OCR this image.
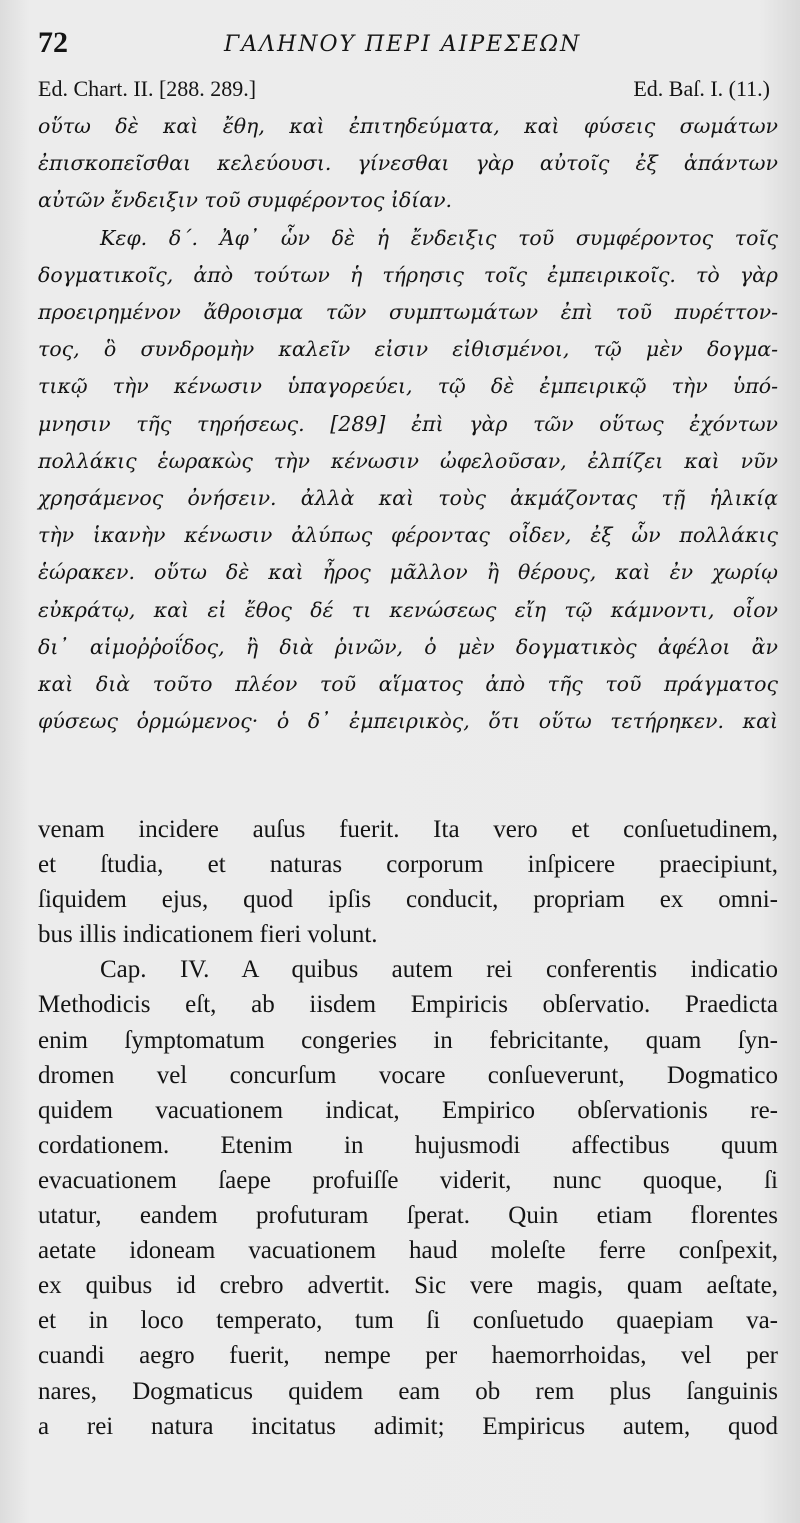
72	ΓΑΛΗΝΟΥ ΠΕΡΙ ΑΙΡΕΣΕΩΝ
Ed. Chart. II. [288. 289.]	Ed. Baſ. I. (11.)
οὕτω δὲ καὶ ἔθη, καὶ ἐπιτηδεύματα, καὶ φύσεις σωμάτων
ἐπισκοπεῖσθαι κελεύουσι. γίνεσθαι γὰρ αὐτοῖς ἐξ ἁπάντων
αὐτῶν ἔνδειξιν τοῦ συμφέροντος ἰδίαν.
Κεφ. δ΄. Ἀφ᾽ ὧν δὲ ἡ ἔνδειξις τοῦ συμφέροντος τοῖς
δογματικοῖς, ἀπὸ τούτων ἡ τήρησις τοῖς ἐμπειρικοῖς. τὸ γὰρ
προειρημένον ἄθροισμα τῶν συμπτωμάτων ἐπὶ τοῦ πυρέττον-
τος, ὃ συνδρομὴν καλεῖν εἰσιν εἰθισμένοι, τῷ μὲν δογμα-
τικῷ τὴν κένωσιν ὑπαγορεύει, τῷ δὲ ἐμπειρικῷ τὴν ὑπό-
μνησιν τῆς τηρήσεως. [289] ἐπὶ γὰρ τῶν οὕτως ἐχόντων
πολλάκις ἑωρακὼς τὴν κένωσιν ὠφελοῦσαν, ἐλπίζει καὶ νῦν
χρησάμενος ὀνήσειν. ἀλλὰ καὶ τοὺς ἀκμάζοντας τῇ ἡλικίᾳ
τὴν ἱκανὴν κένωσιν ἀλύπως φέροντας οἶδεν, ἐξ ὧν πολλάκις
ἑώρακεν. οὕτω δὲ καὶ ἦρος μᾶλλον ἢ θέρους, καὶ ἐν χωρίῳ
εὐκράτῳ, καὶ εἰ ἔθος δέ τι κενώσεως εἴη τῷ κάμνοντι, οἷον
δι᾽ αἱμοῤῥοΐδος, ἢ διὰ ῥινῶν, ὁ μὲν δογματικὸς ἀφέλοι ἂν
καὶ διὰ τοῦτο πλέον τοῦ αἵματος ἀπὸ τῆς τοῦ πράγματος
φύσεως ὁρμώμενος· ὁ δ᾽ ἐμπειρικὸς, ὅτι οὕτω τετήρηκεν. καὶ
venam incidere auſus fuerit. Ita vero et conſuetudinem,
et ſtudia, et naturas corporum inſpicere praecipiunt,
ſiquidem ejus, quod ipſis conducit, propriam ex omni-
bus illis indicationem fieri volunt.
Cap. IV. A quibus autem rei conferentis indicatio
Methodicis eſt, ab iisdem Empiricis obſervatio. Praedicta
enim ſymptomatum congeries in febricitante, quam ſyn-
dromen vel concurſum vocare conſueverunt, Dogmatico
quidem vacuationem indicat, Empirico obſervationis re-
cordationem. Etenim in hujusmodi affectibus quum
evacuationem ſaepe profuiſſe viderit, nunc quoque, ſi
utatur, eandem profuturam ſperat. Quin etiam florentes
aetate idoneam vacuationem haud moleſte ferre conſpexit,
ex quibus id crebro advertit. Sic vere magis, quam aeſtate,
et in loco temperato, tum ſi conſuetudo quaepiam va-
cuandi aegro fuerit, nempe per haemorrhoidas, vel per
nares, Dogmaticus quidem eam ob rem plus ſanguinis
a rei natura incitatus adimit; Empiricus autem, quod
